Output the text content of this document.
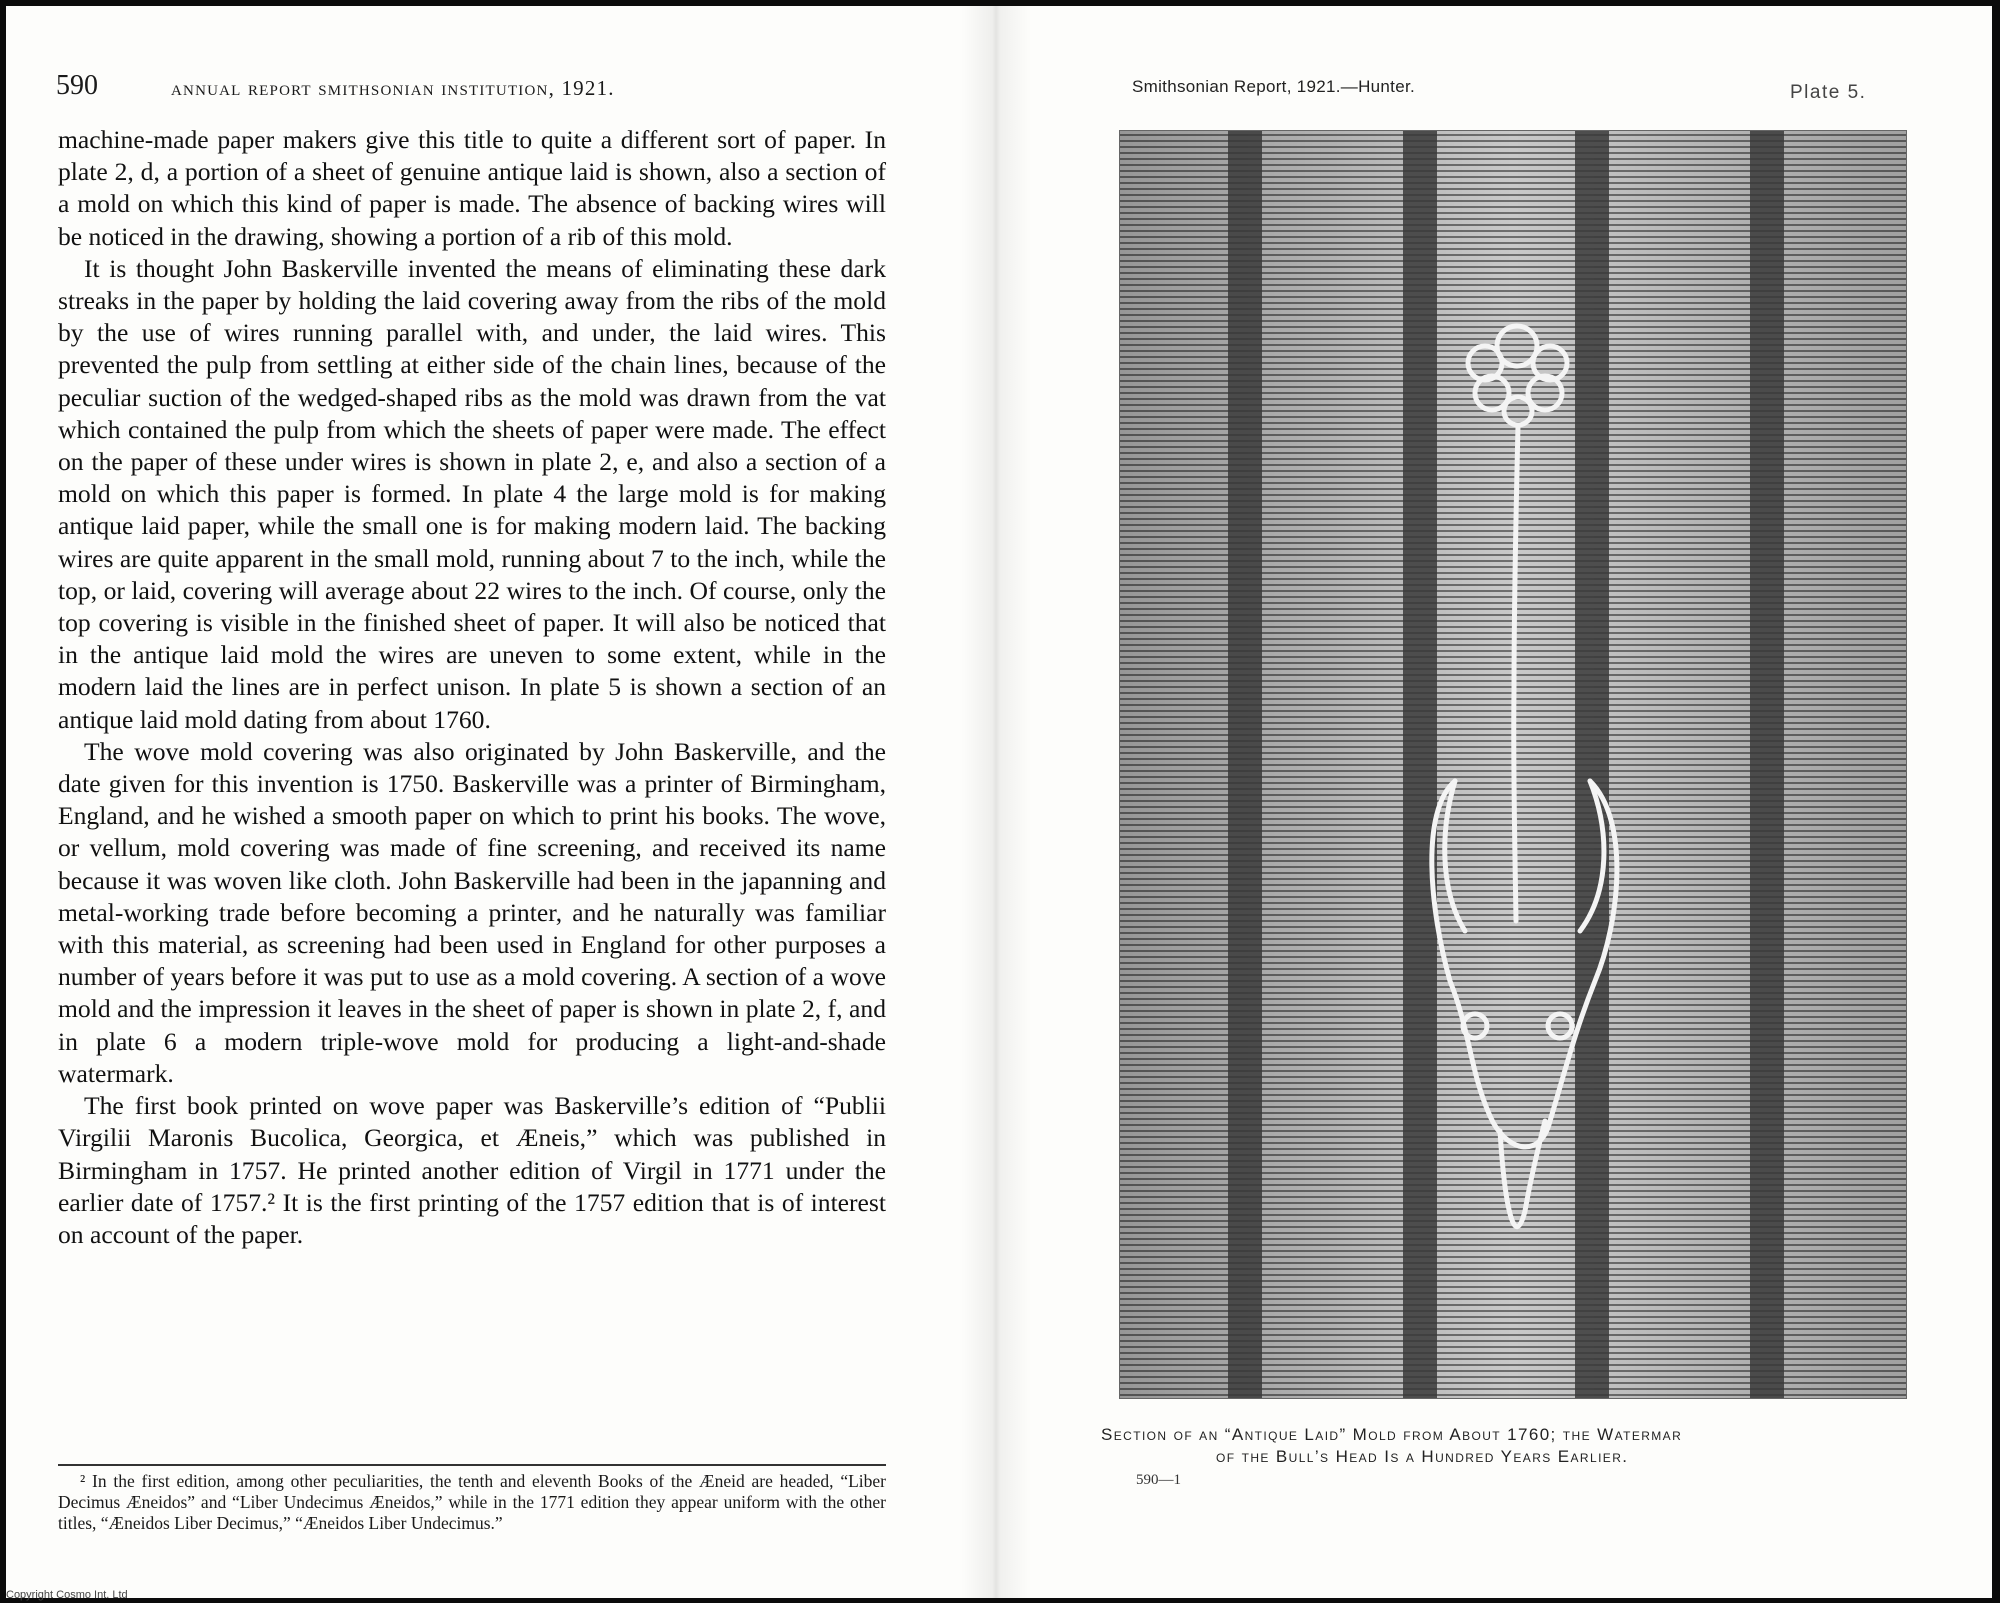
590	annual report smithsonian institution, 1921.

machine-made paper makers give this title to quite a different sort of paper. In plate 2, d, a portion of a sheet of genuine antique laid is shown, also a section of a mold on which this kind of paper is made. The absence of backing wires will be noticed in the drawing, showing a portion of a rib of this mold.

It is thought John Baskerville invented the means of eliminating these dark streaks in the paper by holding the laid covering away from the ribs of the mold by the use of wires running parallel with, and under, the laid wires. This prevented the pulp from settling at either side of the chain lines, because of the peculiar suction of the wedged-shaped ribs as the mold was drawn from the vat which contained the pulp from which the sheets of paper were made. The effect on the paper of these under wires is shown in plate 2, e, and also a section of a mold on which this paper is formed. In plate 4 the large mold is for making antique laid paper, while the small one is for making modern laid. The backing wires are quite apparent in the small mold, running about 7 to the inch, while the top, or laid, covering will average about 22 wires to the inch. Of course, only the top covering is visible in the finished sheet of paper. It will also be noticed that in the antique laid mold the wires are uneven to some extent, while in the modern laid the lines are in perfect unison. In plate 5 is shown a section of an antique laid mold dating from about 1760.

The wove mold covering was also originated by John Baskerville, and the date given for this invention is 1750. Baskerville was a printer of Birmingham, England, and he wished a smooth paper on which to print his books. The wove, or vellum, mold covering was made of fine screening, and received its name because it was woven like cloth. John Baskerville had been in the japanning and metal-working trade before becoming a printer, and he naturally was familiar with this material, as screening had been used in England for other purposes a number of years before it was put to use as a mold covering. A section of a wove mold and the impression it leaves in the sheet of paper is shown in plate 2, f, and in plate 6 a modern triple-wove mold for producing a light-and-shade watermark.

The first book printed on wove paper was Baskerville’s edition of “Publii Virgilii Maronis Bucolica, Georgica, et Æneis,” which was published in Birmingham in 1757. He printed another edition of Virgil in 1771 under the earlier date of 1757.² It is the first printing of the 1757 edition that is of interest on account of the paper.

² In the first edition, among other peculiarities, the tenth and eleventh Books of the Æneid are headed, “Liber Decimus Æneidos” and “Liber Undecimus Æneidos,” while in the 1771 edition they appear uniform with the other titles, “Æneidos Liber Decimus,” “Æneidos Liber Undecimus.”

Smithsonian Report, 1921.—Hunter.	Plate 5.
Section of an “Antique Laid” Mold from About 1760; the Watermar
of the Bull’s Head Is a Hundred Years Earlier.
590—1
Copyright Cosmo Int. Ltd
